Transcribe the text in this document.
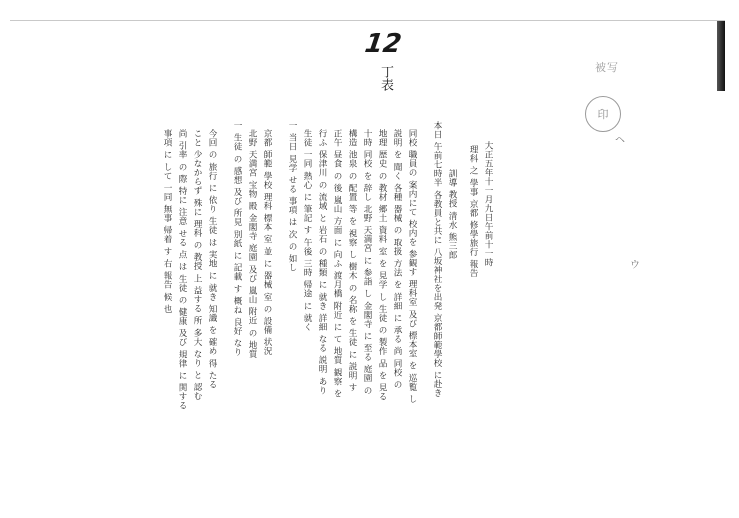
12
丁表	被写
印
ヘ
ウ
大正五年十一月九日午前十一時
理科 之 學事 京都 修學旅行 報告
訓導 教授 清水 熊三郎
本日 午前七時半 各教員と共に 八坂神社を出発 京都師範學校 に赴き
同校 職員の 案内にて 校内を 参観す 理科室 及び 標本室 を 巡覧 し
説明 を 聞く 各種 器械 の 取扱 方法 を 詳細 に 承る 尚 同校 の
地理 歴史 の 教材 郷土 資料 室 を 見学 し 生徒 の 製作 品 を 見る
十時 同校 を 辞し 北野 天満宮 に 参詣 し 金閣寺 に 至る 庭園 の
構造 池泉 の 配置 等 を 視察 し 樹木 の 名称 を 生徒 に 説明 す
正午 昼食 の 後 嵐山 方面 に 向ふ 渡月橋 附近 に て 地質 観察 を
行ふ 保津川 の 流域 と 岩石 の 種類 に 就き 詳細 なる 説明 あり
生徒 一同 熱心 に 筆記 す 午後 三時 帰途 に 就く
一 当日 見学 せる 事項 は 次 の 如し
京都 師範 學校 理科 標本 室 並 に 器械 室 の 設備 状況
北野 天満宮 宝物 殿 金閣寺 庭園 及び 嵐山 附近 の 地質
一 生徒 の 感想 及び 所見 別紙 に 記載 す 概ね 良好 なり
今回 の 旅行 に 依り 生徒 は 実地 に 就き 知識 を 確め 得 たる
こと 少なからず 殊に 理科 の 教授 上 益する 所 多大 なり と 認む
尚 引率 の 際 特に 注意 せる 点 は 生徒 の 健康 及び 規律 に 関する
事項 に して 一同 無事 帰着 す 右 報告 候 也
